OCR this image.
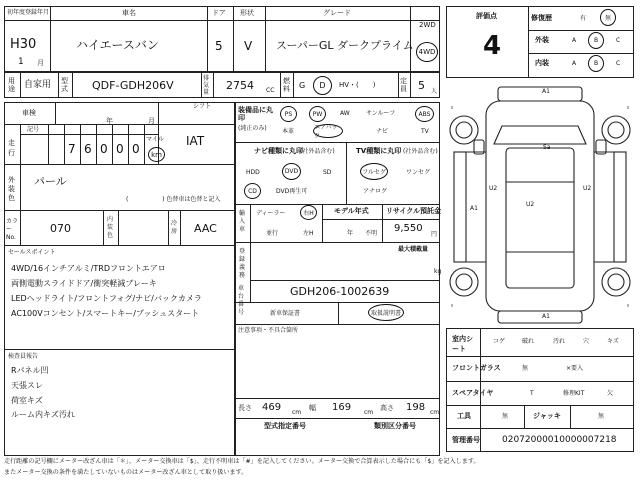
初年度登録年月
H30
1 月
車名
ハイエースバン
ドア
5
形状
V
グレード
スーパーGL ダークプライム
2WD
4WD
用途 自家用 型式 QDF-GDH206V
排気量
2754 CC
燃料 G D HV・(　　)	定員 5 人
車検
年	月
シフト
IAT
走行
記号
7 6 0 0 0
マイル
km
外装色
パール
( 　　　　　 ) 色替車は色替と記入
カラーNo.
070
内装色
冷房 AAC
セールスポイント
4WD/16インチアルミ/TRDフロントエアロ
両側電動スライドドア/衝突軽減ブレーキ
LEDヘッドライト/フロントフォグ/ナビ/バックカメラ
AC100Vコンセント/スマートキー/プッシュスタート
検査員報告
Rパネル凹
天張スレ
荷室キズ
ルーム内キズ汚れ
装備品に丸印
(純正のみ)
PS	PW	AW	サンルーフ	ABS
本革
エアバック
ナビ	TV
ナビ種類に丸印
(社外品含む)
HDD	DVD	SD
CD	DVD再生可
TV種類に丸印 (社外品含む)
フルセグ	ワンセグ
アナログ
輸入車
ディーラー	右H
並行	左H
モデル年式
年 不明
リサイクル預託金
9,550
円
登録義務
最大積載量
kg
車台番号
GDH206-1002639
新車保証書	取扱説明書
注意事項・不具合箇所
長さ 469 cm
幅 169 cm
高さ 198 cm
型式指定番号	類別区分番号
評価点
4
修復歴	有	無
外装	A	B	C
内装	A	B	C
A1
Sa
U2	U2
A1
U2
A1
室内シート
コゲ	破れ	汚れ	穴	キズ
フロントガラス	無	×要入
スペアタイヤ	T	修理KIT	欠
工具	無	ジャッキ	無
管理番号 02072000010000007218
走行距離の記号欄にメーター改ざん車は「＊」、メーター交換車は「$」、走行不明車は「#」を記入してください。メーター交換で合算表示した場合にも「$」を記入します。
またメーター交換の条件を満たしていないものはメーター改ざん車として取り扱います。
